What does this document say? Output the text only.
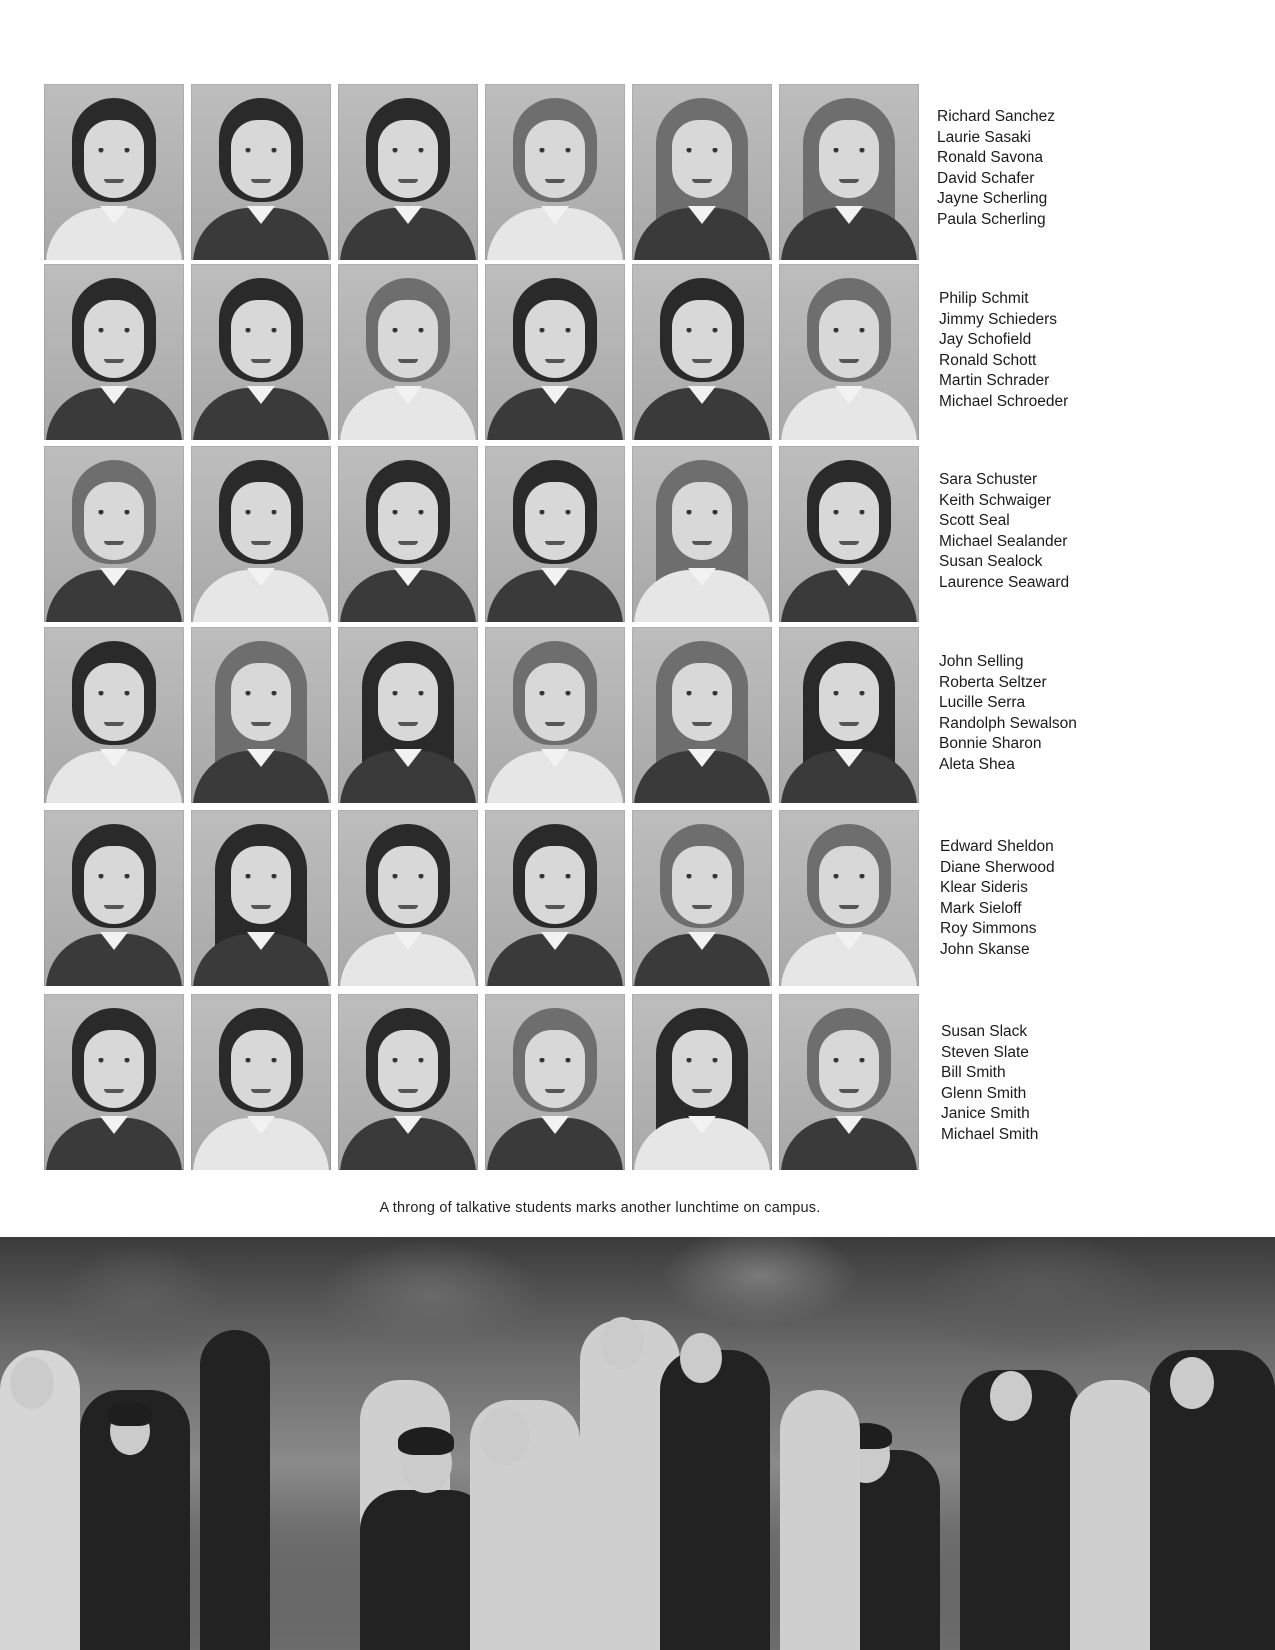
Richard Sanchez
Laurie Sasaki
Ronald Savona
David Schafer
Jayne Scherling
Paula Scherling
Philip Schmit
Jimmy Schieders
Jay Schofield
Ronald Schott
Martin Schrader
Michael Schroeder
Sara Schuster
Keith Schwaiger
Scott Seal
Michael Sealander
Susan Sealock
Laurence Seaward
John Selling
Roberta Seltzer
Lucille Serra
Randolph Sewalson
Bonnie Sharon
Aleta Shea
Edward Sheldon
Diane Sherwood
Klear Sideris
Mark Sieloff
Roy Simmons
John Skanse
Susan Slack
Steven Slate
Bill Smith
Glenn Smith
Janice Smith
Michael Smith
A throng of talkative students marks another lunchtime on campus.
